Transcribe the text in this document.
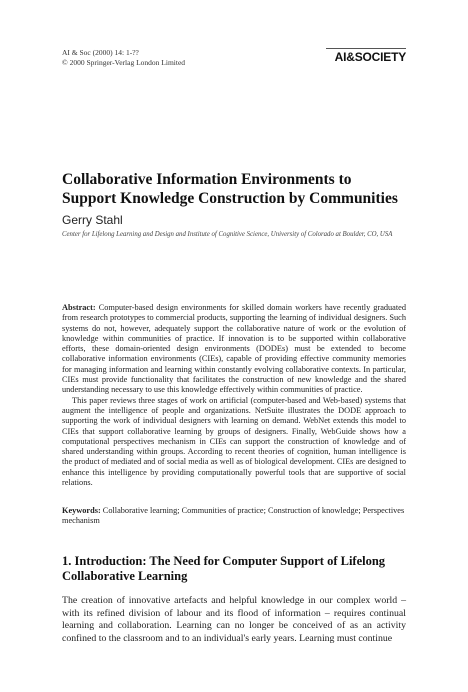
AI & Soc (2000) 14: 1-??
© 2000 Springer-Verlag London Limited	AI&SOCIETY
Collaborative Information Environments to Support Knowledge Construction by Communities
Gerry Stahl
Center for Lifelong Learning and Design and Institute of Cognitive Science, University of Colorado at Boulder, CO, USA

Abstract: Computer-based design environments for skilled domain workers have recently graduated from research prototypes to commercial products, supporting the learning of individual designers. Such systems do not, however, adequately support the collaborative nature of work or the evolution of knowledge within communities of practice. If innovation is to be supported within collaborative efforts, these domain-oriented design environments (DODEs) must be extended to become collaborative information environments (CIEs), capable of providing effective community memories for managing information and learning within constantly evolving collaborative contexts. In particular, CIEs must provide functionality that facilitates the construction of new knowledge and the shared understanding necessary to use this knowledge effectively within communities of practice.

This paper reviews three stages of work on artificial (computer-based and Web-based) systems that augment the intelligence of people and organizations. NetSuite illustrates the DODE approach to supporting the work of individual designers with learning on demand. WebNet extends this model to CIEs that support collaborative learning by groups of designers. Finally, WebGuide shows how a computational perspectives mechanism in CIEs can support the construction of knowledge and of shared understanding within groups. According to recent theories of cognition, human intelligence is the product of mediated and of social media as well as of biological development. CIEs are designed to enhance this intelligence by providing computationally powerful tools that are supportive of social relations.

Keywords: Collaborative learning; Communities of practice; Construction of knowledge; Perspectives mechanism
1. Introduction: The Need for Computer Support of Lifelong Collaborative Learning

The creation of innovative artefacts and helpful knowledge in our complex world – with its refined division of labour and its flood of information – requires continual learning and collaboration. Learning can no longer be conceived of as an activity confined to the classroom and to an individual's early years. Learning must continue
